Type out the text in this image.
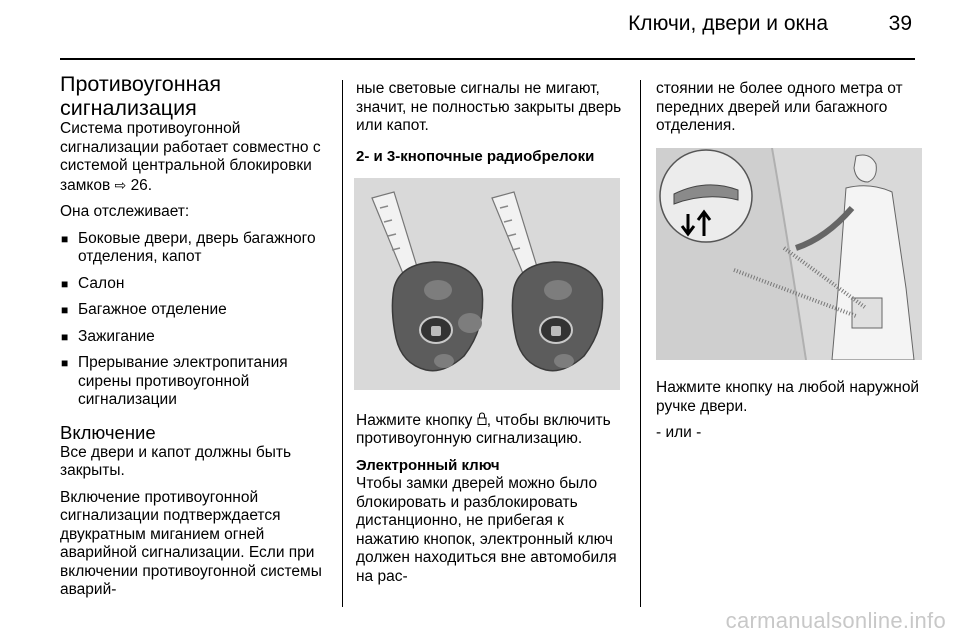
Ключи, двери и окна	39
Противоугонная сигнализация

Система противоугонной сигнализации работает совместно с системой центральной блокировки замков ⇨ 26.

Она отслеживает:

■ Боковые двери, дверь багажного отделения, капот
■ Салон
■ Багажное отделение
■ Зажигание
■ Прерывание электропитания сирены противоугонной сигнализации
Включение

Все двери и капот должны быть закрыты.

Включение противоугонной сигнализации подтверждается двукратным миганием огней аварийной сигнализации. Если при включении противоугонной системы аварий-

ные световые сигналы не мигают, значит, не полностью закрыты дверь или капот.

2- и 3-кнопочные радиобрелоки

Нажмите кнопку , чтобы включить противоугонную сигнализацию.

Электронный ключ

Чтобы замки дверей можно было блокировать и разблокировать дистанционно, не прибегая к нажатию кнопок, электронный ключ должен находиться вне автомобиля на рас-

стоянии не более одного метра от передних дверей или багажного отделения.

Нажмите кнопку на любой наружной ручке двери.

- или -

carmanualsonline.info
